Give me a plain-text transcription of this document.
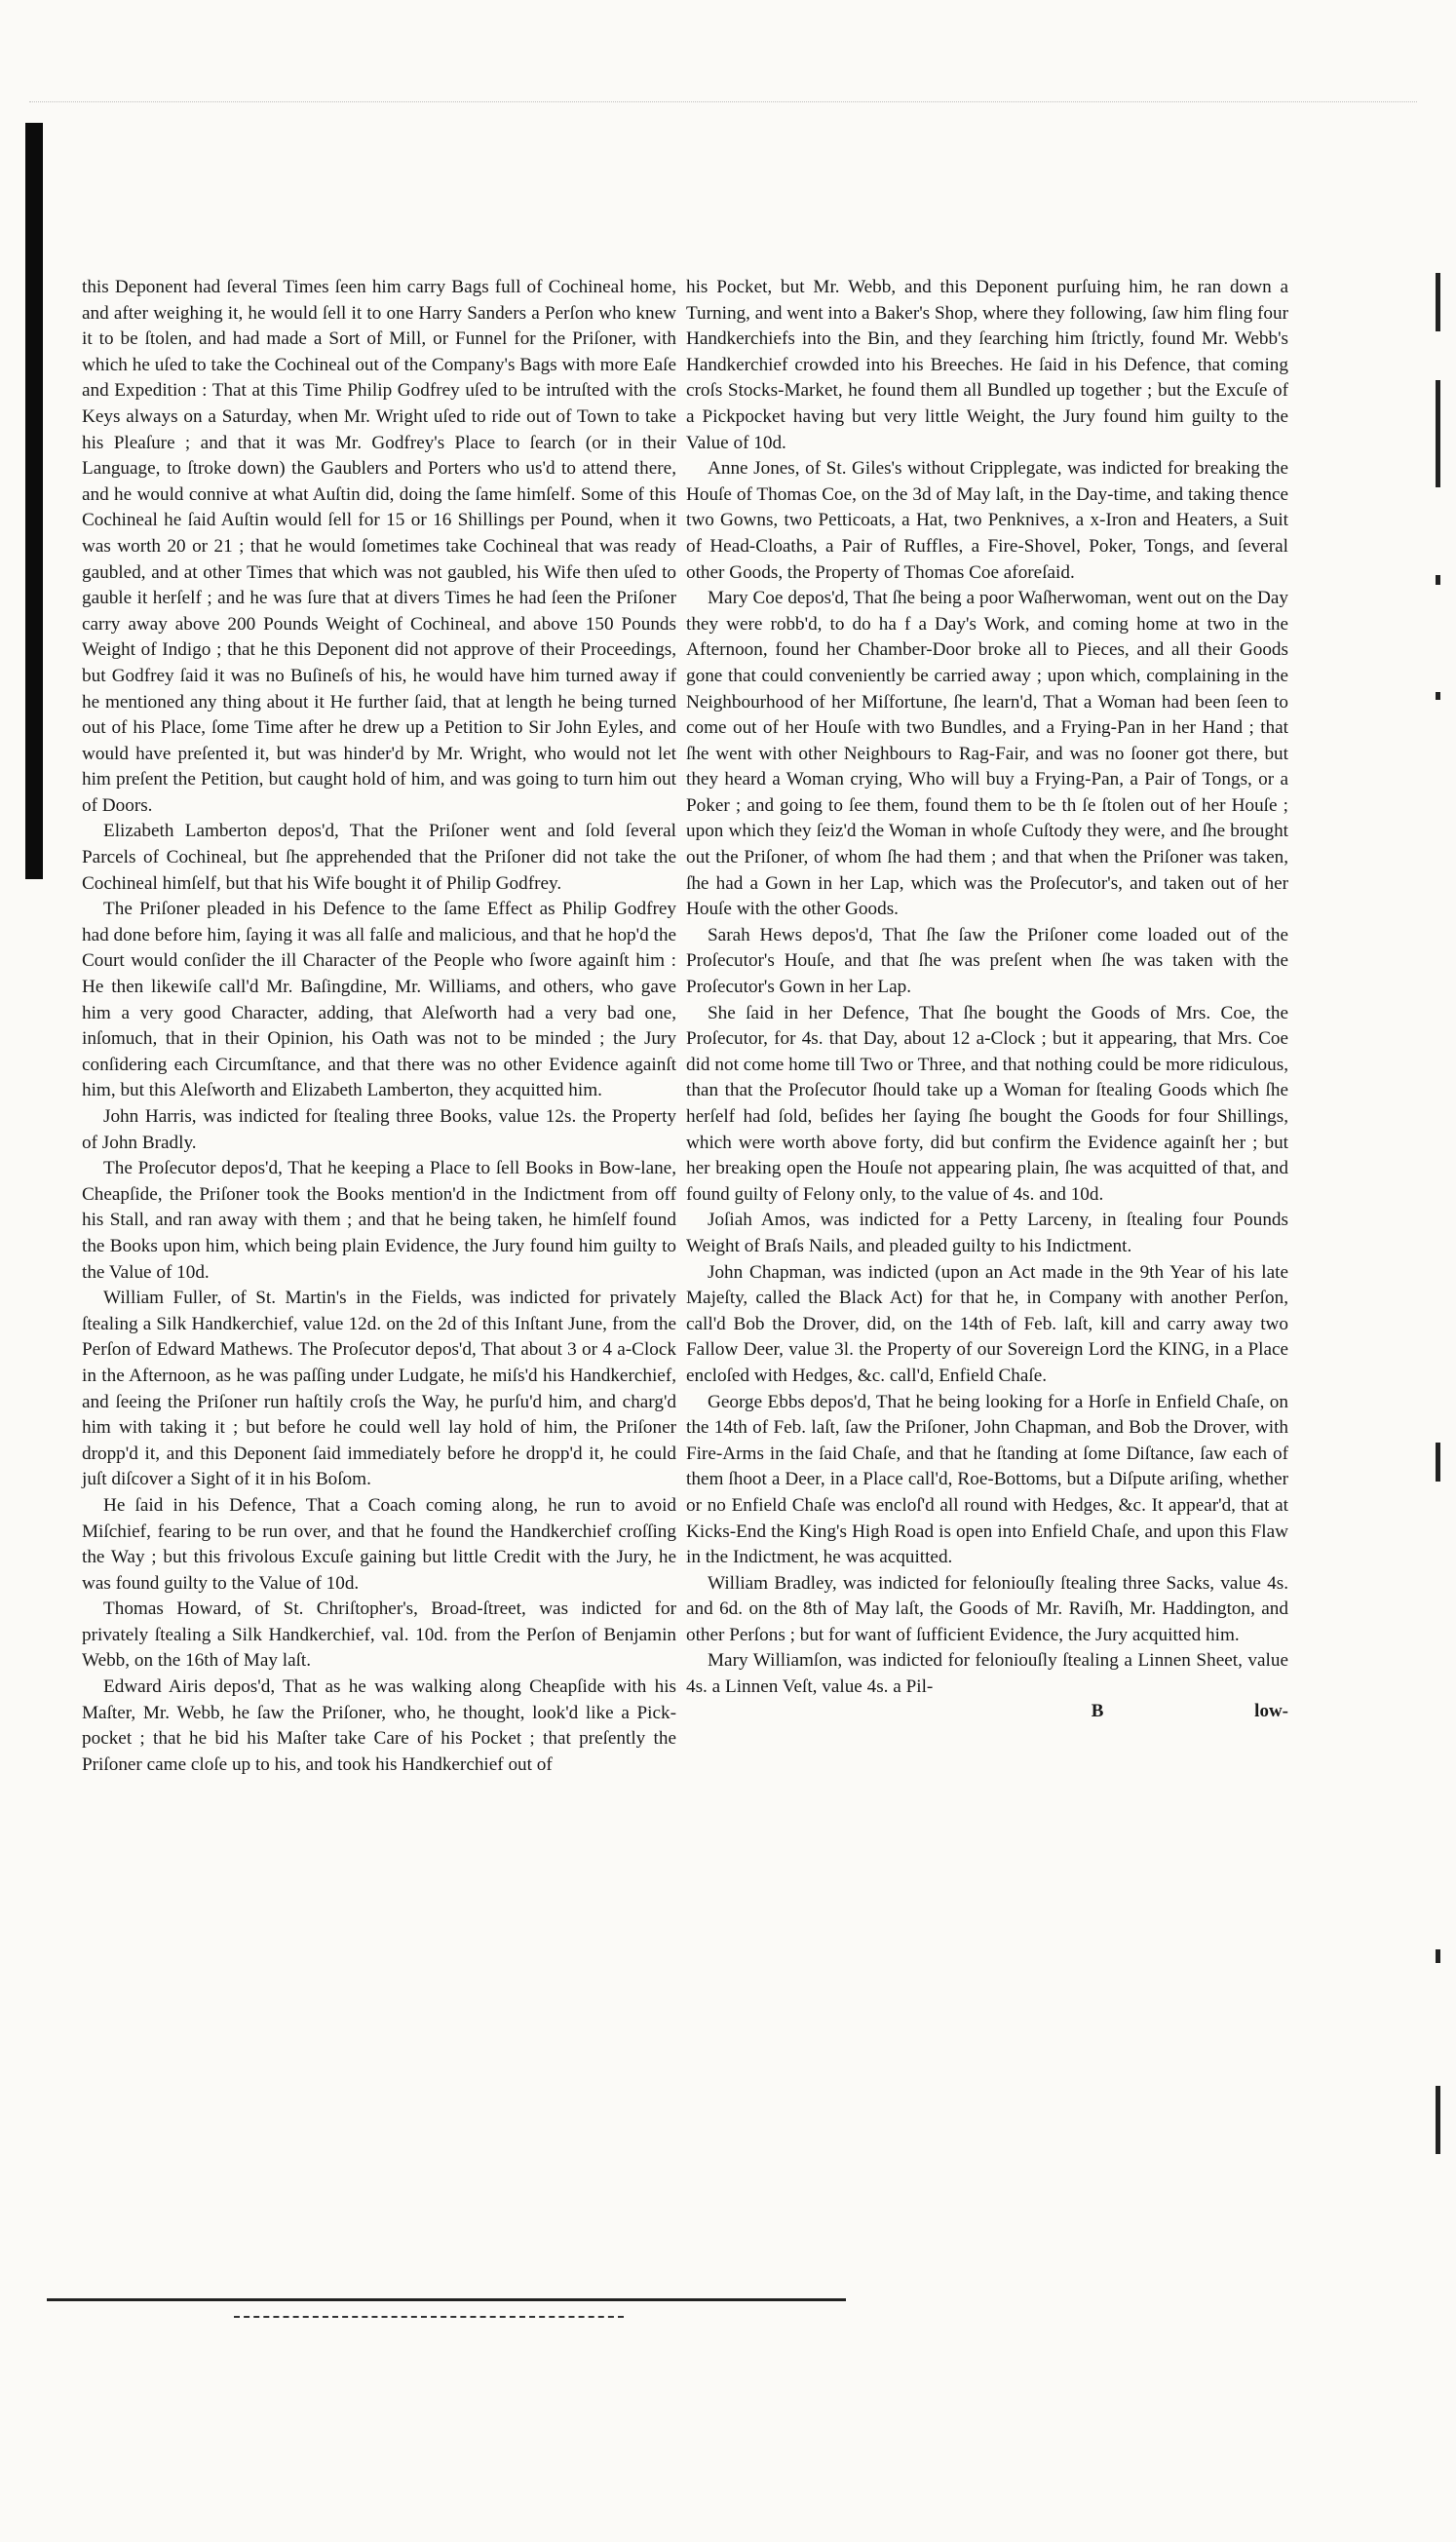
this Deponent had ſeveral Times ſeen him carry Bags full of Cochineal home, and after weighing it, he would ſell it to one Harry Sanders a Perſon who knew it to be ſtolen, and had made a Sort of Mill, or Funnel for the Priſoner, with which he uſed to take the Cochineal out of the Company's Bags with more Eaſe and Expedition : That at this Time Philip Godfrey uſed to be intruſted with the Keys always on a Saturday, when Mr. Wright uſed to ride out of Town to take his Pleaſure ; and that it was Mr. Godfrey's Place to ſearch (or in their Language, to ſtroke down) the Gaublers and Porters who us'd to attend there, and he would connive at what Auſtin did, doing the ſame himſelf. Some of this Cochineal he ſaid Auſtin would ſell for 15 or 16 Shillings per Pound, when it was worth 20 or 21 ; that he would ſometimes take Cochineal that was ready gaubled, and at other Times that which was not gaubled, his Wife then uſed to gauble it herſelf ; and he was ſure that at divers Times he had ſeen the Priſoner carry away above 200 Pounds Weight of Cochineal, and above 150 Pounds Weight of Indigo ; that he this Deponent did not approve of their Proceedings, but Godfrey ſaid it was no Buſineſs of his, he would have him turned away if he mentioned any thing about it He further ſaid, that at length he being turned out of his Place, ſome Time after he drew up a Petition to Sir John Eyles, and would have preſented it, but was hinder'd by Mr. Wright, who would not let him preſent the Petition, but caught hold of him, and was going to turn him out of Doors.

Elizabeth Lamberton depos'd, That the Priſoner went and ſold ſeveral Parcels of Cochineal, but ſhe apprehended that the Priſoner did not take the Cochineal himſelf, but that his Wife bought it of Philip Godfrey.

The Priſoner pleaded in his Defence to the ſame Effect as Philip Godfrey had done before him, ſaying it was all falſe and malicious, and that he hop'd the Court would conſider the ill Character of the People who ſwore againſt him : He then likewiſe call'd Mr. Baſingdine, Mr. Williams, and others, who gave him a very good Character, adding, that Aleſworth had a very bad one, inſomuch, that in their Opinion, his Oath was not to be minded ; the Jury conſidering each Circumſtance, and that there was no other Evidence againſt him, but this Aleſworth and Elizabeth Lamberton, they acquitted him.

John Harris, was indicted for ſtealing three Books, value 12s. the Property of John Bradly.

The Proſecutor depos'd, That he keeping a Place to ſell Books in Bow-lane, Cheapſide, the Priſoner took the Books mention'd in the Indictment from off his Stall, and ran away with them ; and that he being taken, he himſelf found the Books upon him, which being plain Evidence, the Jury found him guilty to the Value of 10d.

William Fuller, of St. Martin's in the Fields, was indicted for privately ſtealing a Silk Handkerchief, value 12d. on the 2d of this Inſtant June, from the Perſon of Edward Mathews. The Proſecutor depos'd, That about 3 or 4 a-Clock in the Afternoon, as he was paſſing under Ludgate, he miſs'd his Handkerchief, and ſeeing the Priſoner run haſtily croſs the Way, he purſu'd him, and charg'd him with taking it ; but before he could well lay hold of him, the Priſoner dropp'd it, and this Deponent ſaid immediately before he dropp'd it, he could juſt diſcover a Sight of it in his Boſom.

He ſaid in his Defence, That a Coach coming along, he run to avoid Miſchief, fearing to be run over, and that he found the Handkerchief croſſing the Way ; but this frivolous Excuſe gaining but little Credit with the Jury, he was found guilty to the Value of 10d.

Thomas Howard, of St. Chriſtopher's, Broad-ſtreet, was indicted for privately ſtealing a Silk Handkerchief, val. 10d. from the Perſon of Benjamin Webb, on the 16th of May laſt.

Edward Airis depos'd, That as he was walking along Cheapſide with his Maſter, Mr. Webb, he ſaw the Priſoner, who, he thought, look'd like a Pick-pocket ; that he bid his Maſter take Care of his Pocket ; that preſently the Priſoner came cloſe up to his, and took his Handkerchief out of

his Pocket, but Mr. Webb, and this Deponent purſuing him, he ran down a Turning, and went into a Baker's Shop, where they following, ſaw him fling four Handkerchiefs into the Bin, and they ſearching him ſtrictly, found Mr. Webb's Handkerchief crowded into his Breeches. He ſaid in his Defence, that coming croſs Stocks-Market, he found them all Bundled up together ; but the Excuſe of a Pickpocket having but very little Weight, the Jury found him guilty to the Value of 10d.

Anne Jones, of St. Giles's without Cripplegate, was indicted for breaking the Houſe of Thomas Coe, on the 3d of May laſt, in the Day-time, and taking thence two Gowns, two Petticoats, a Hat, two Penknives, a x-Iron and Heaters, a Suit of Head-Cloaths, a Pair of Ruffles, a Fire-Shovel, Poker, Tongs, and ſeveral other Goods, the Property of Thomas Coe aforeſaid.

Mary Coe depos'd, That ſhe being a poor Waſherwoman, went out on the Day they were robb'd, to do ha f a Day's Work, and coming home at two in the Afternoon, found her Chamber-Door broke all to Pieces, and all their Goods gone that could conveniently be carried away ; upon which, complaining in the Neighbourhood of her Miſfortune, ſhe learn'd, That a Woman had been ſeen to come out of her Houſe with two Bundles, and a Frying-Pan in her Hand ; that ſhe went with other Neighbours to Rag-Fair, and was no ſooner got there, but they heard a Woman crying, Who will buy a Frying-Pan, a Pair of Tongs, or a Poker ; and going to ſee them, found them to be th ſe ſtolen out of her Houſe ; upon which they ſeiz'd the Woman in whoſe Cuſtody they were, and ſhe brought out the Priſoner, of whom ſhe had them ; and that when the Priſoner was taken, ſhe had a Gown in her Lap, which was the Proſecutor's, and taken out of her Houſe with the other Goods.

Sarah Hews depos'd, That ſhe ſaw the Priſoner come loaded out of the Proſecutor's Houſe, and that ſhe was preſent when ſhe was taken with the Proſecutor's Gown in her Lap.

She ſaid in her Defence, That ſhe bought the Goods of Mrs. Coe, the Proſecutor, for 4s. that Day, about 12 a-Clock ; but it appearing, that Mrs. Coe did not come home till Two or Three, and that nothing could be more ridiculous, than that the Proſecutor ſhould take up a Woman for ſtealing Goods which ſhe herſelf had ſold, beſides her ſaying ſhe bought the Goods for four Shillings, which were worth above forty, did but confirm the Evidence againſt her ; but her breaking open the Houſe not appearing plain, ſhe was acquitted of that, and found guilty of Felony only, to the value of 4s. and 10d.

Joſiah Amos, was indicted for a Petty Larceny, in ſtealing four Pounds Weight of Braſs Nails, and pleaded guilty to his Indictment.

John Chapman, was indicted (upon an Act made in the 9th Year of his late Majeſty, called the Black Act) for that he, in Company with another Perſon, call'd Bob the Drover, did, on the 14th of Feb. laſt, kill and carry away two Fallow Deer, value 3l. the Property of our Sovereign Lord the KING, in a Place encloſed with Hedges, &c. call'd, Enfield Chaſe.

George Ebbs depos'd, That he being looking for a Horſe in Enfield Chaſe, on the 14th of Feb. laſt, ſaw the Priſoner, John Chapman, and Bob the Drover, with Fire-Arms in the ſaid Chaſe, and that he ſtanding at ſome Diſtance, ſaw each of them ſhoot a Deer, in a Place call'd, Roe-Bottoms, but a Diſpute ariſing, whether or no Enfield Chaſe was encloſ'd all round with Hedges, &c. It appear'd, that at Kicks-End the King's High Road is open into Enfield Chaſe, and upon this Flaw in the Indictment, he was acquitted.

William Bradley, was indicted for feloniouſly ſtealing three Sacks, value 4s. and 6d. on the 8th of May laſt, the Goods of Mr. Raviſh, Mr. Haddington, and other Perſons ; but for want of ſufficient Evidence, the Jury acquitted him.

Mary Williamſon, was indicted for feloniouſly ſtealing a Linnen Sheet, value 4s. a Linnen Veſt, value 4s. a Pil-

B	low-
